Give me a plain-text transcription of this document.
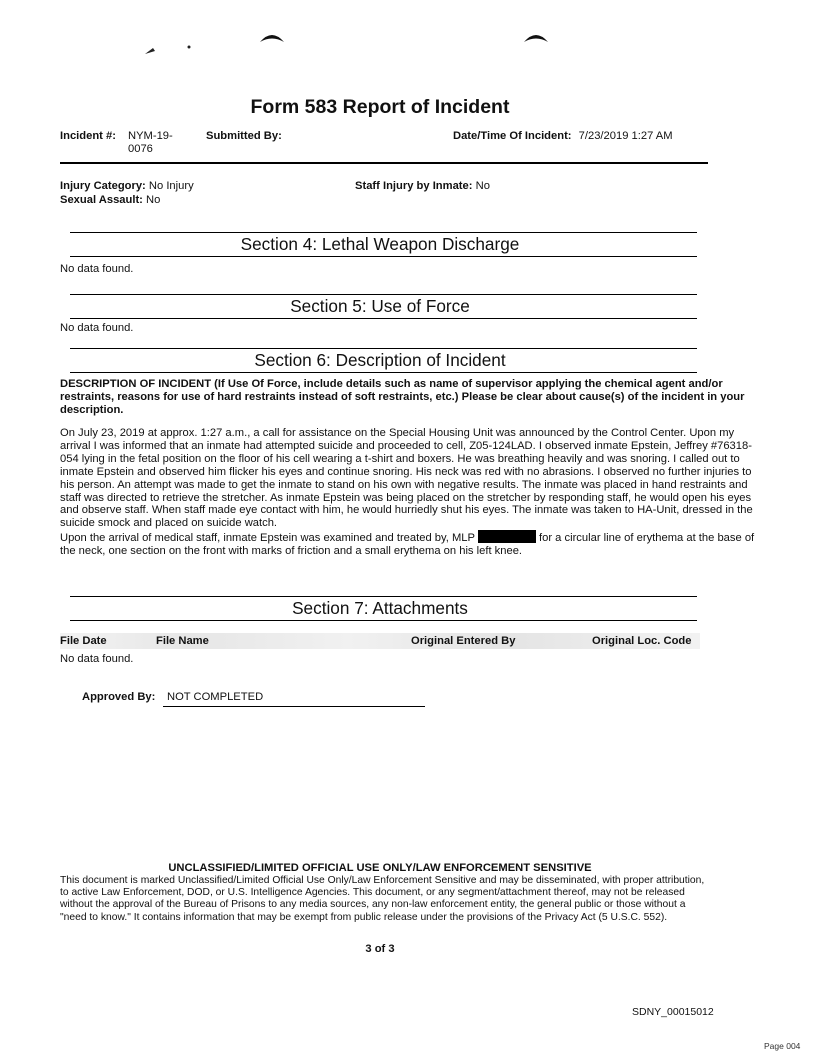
Form 583 Report of Incident
Incident #: NYM-19-
0076
Submitted By:	Date/Time Of Incident: 7/23/2019 1:27 AM
Injury Category: No Injury
Sexual Assault: No
Staff Injury by Inmate: No
Section 4: Lethal Weapon Discharge
No data found.
Section 5: Use of Force
No data found.
Section 6: Description of Incident
DESCRIPTION OF INCIDENT (If Use Of Force, include details such as name of supervisor applying the chemical agent and/or restraints, reasons for use of hard restraints instead of soft restraints, etc.) Please be clear about cause(s) of the incident in your description.
On July 23, 2019 at approx. 1:27 a.m., a call for assistance on the Special Housing Unit was announced by the Control Center. Upon my arrival I was informed that an inmate had attempted suicide and proceeded to cell, Z05-124LAD. I observed inmate Epstein, Jeffrey #76318-054 lying in the fetal position on the floor of his cell wearing a t-shirt and boxers. He was breathing heavily and was snoring. I called out to inmate Epstein and observed him flicker his eyes and continue snoring. His neck was red with no abrasions. I observed no further injuries to his person. An attempt was made to get the inmate to stand on his own with negative results. The inmate was placed in hand restraints and staff was directed to retrieve the stretcher. As inmate Epstein was being placed on the stretcher by responding staff, he would open his eyes and observe staff. When staff made eye contact with him, he would hurriedly shut his eyes. The inmate was taken to HA-Unit, dressed in the suicide smock and placed on suicide watch.
Upon the arrival of medical staff, inmate Epstein was examined and treated by, MLP	for a circular line of erythema at the base of the neck, one section on the front with marks of friction and a small erythema on his left knee.
Section 7: Attachments
File Date	File Name	Original Entered By	Original Loc. Code
No data found.
Approved By: NOT COMPLETED
UNCLASSIFIED/LIMITED OFFICIAL USE ONLY/LAW ENFORCEMENT SENSITIVE
This document is marked Unclassified/Limited Official Use Only/Law Enforcement Sensitive and may be disseminated, with proper attribution, to active Law Enforcement, DOD, or U.S. Intelligence Agencies. This document, or any segment/attachment thereof, may not be released without the approval of the Bureau of Prisons to any media sources, any non-law enforcement entity, the general public or those without a "need to know." It contains information that may be exempt from public release under the provisions of the Privacy Act (5 U.S.C. 552).
3 of 3
SDNY_00015012
Page 004
